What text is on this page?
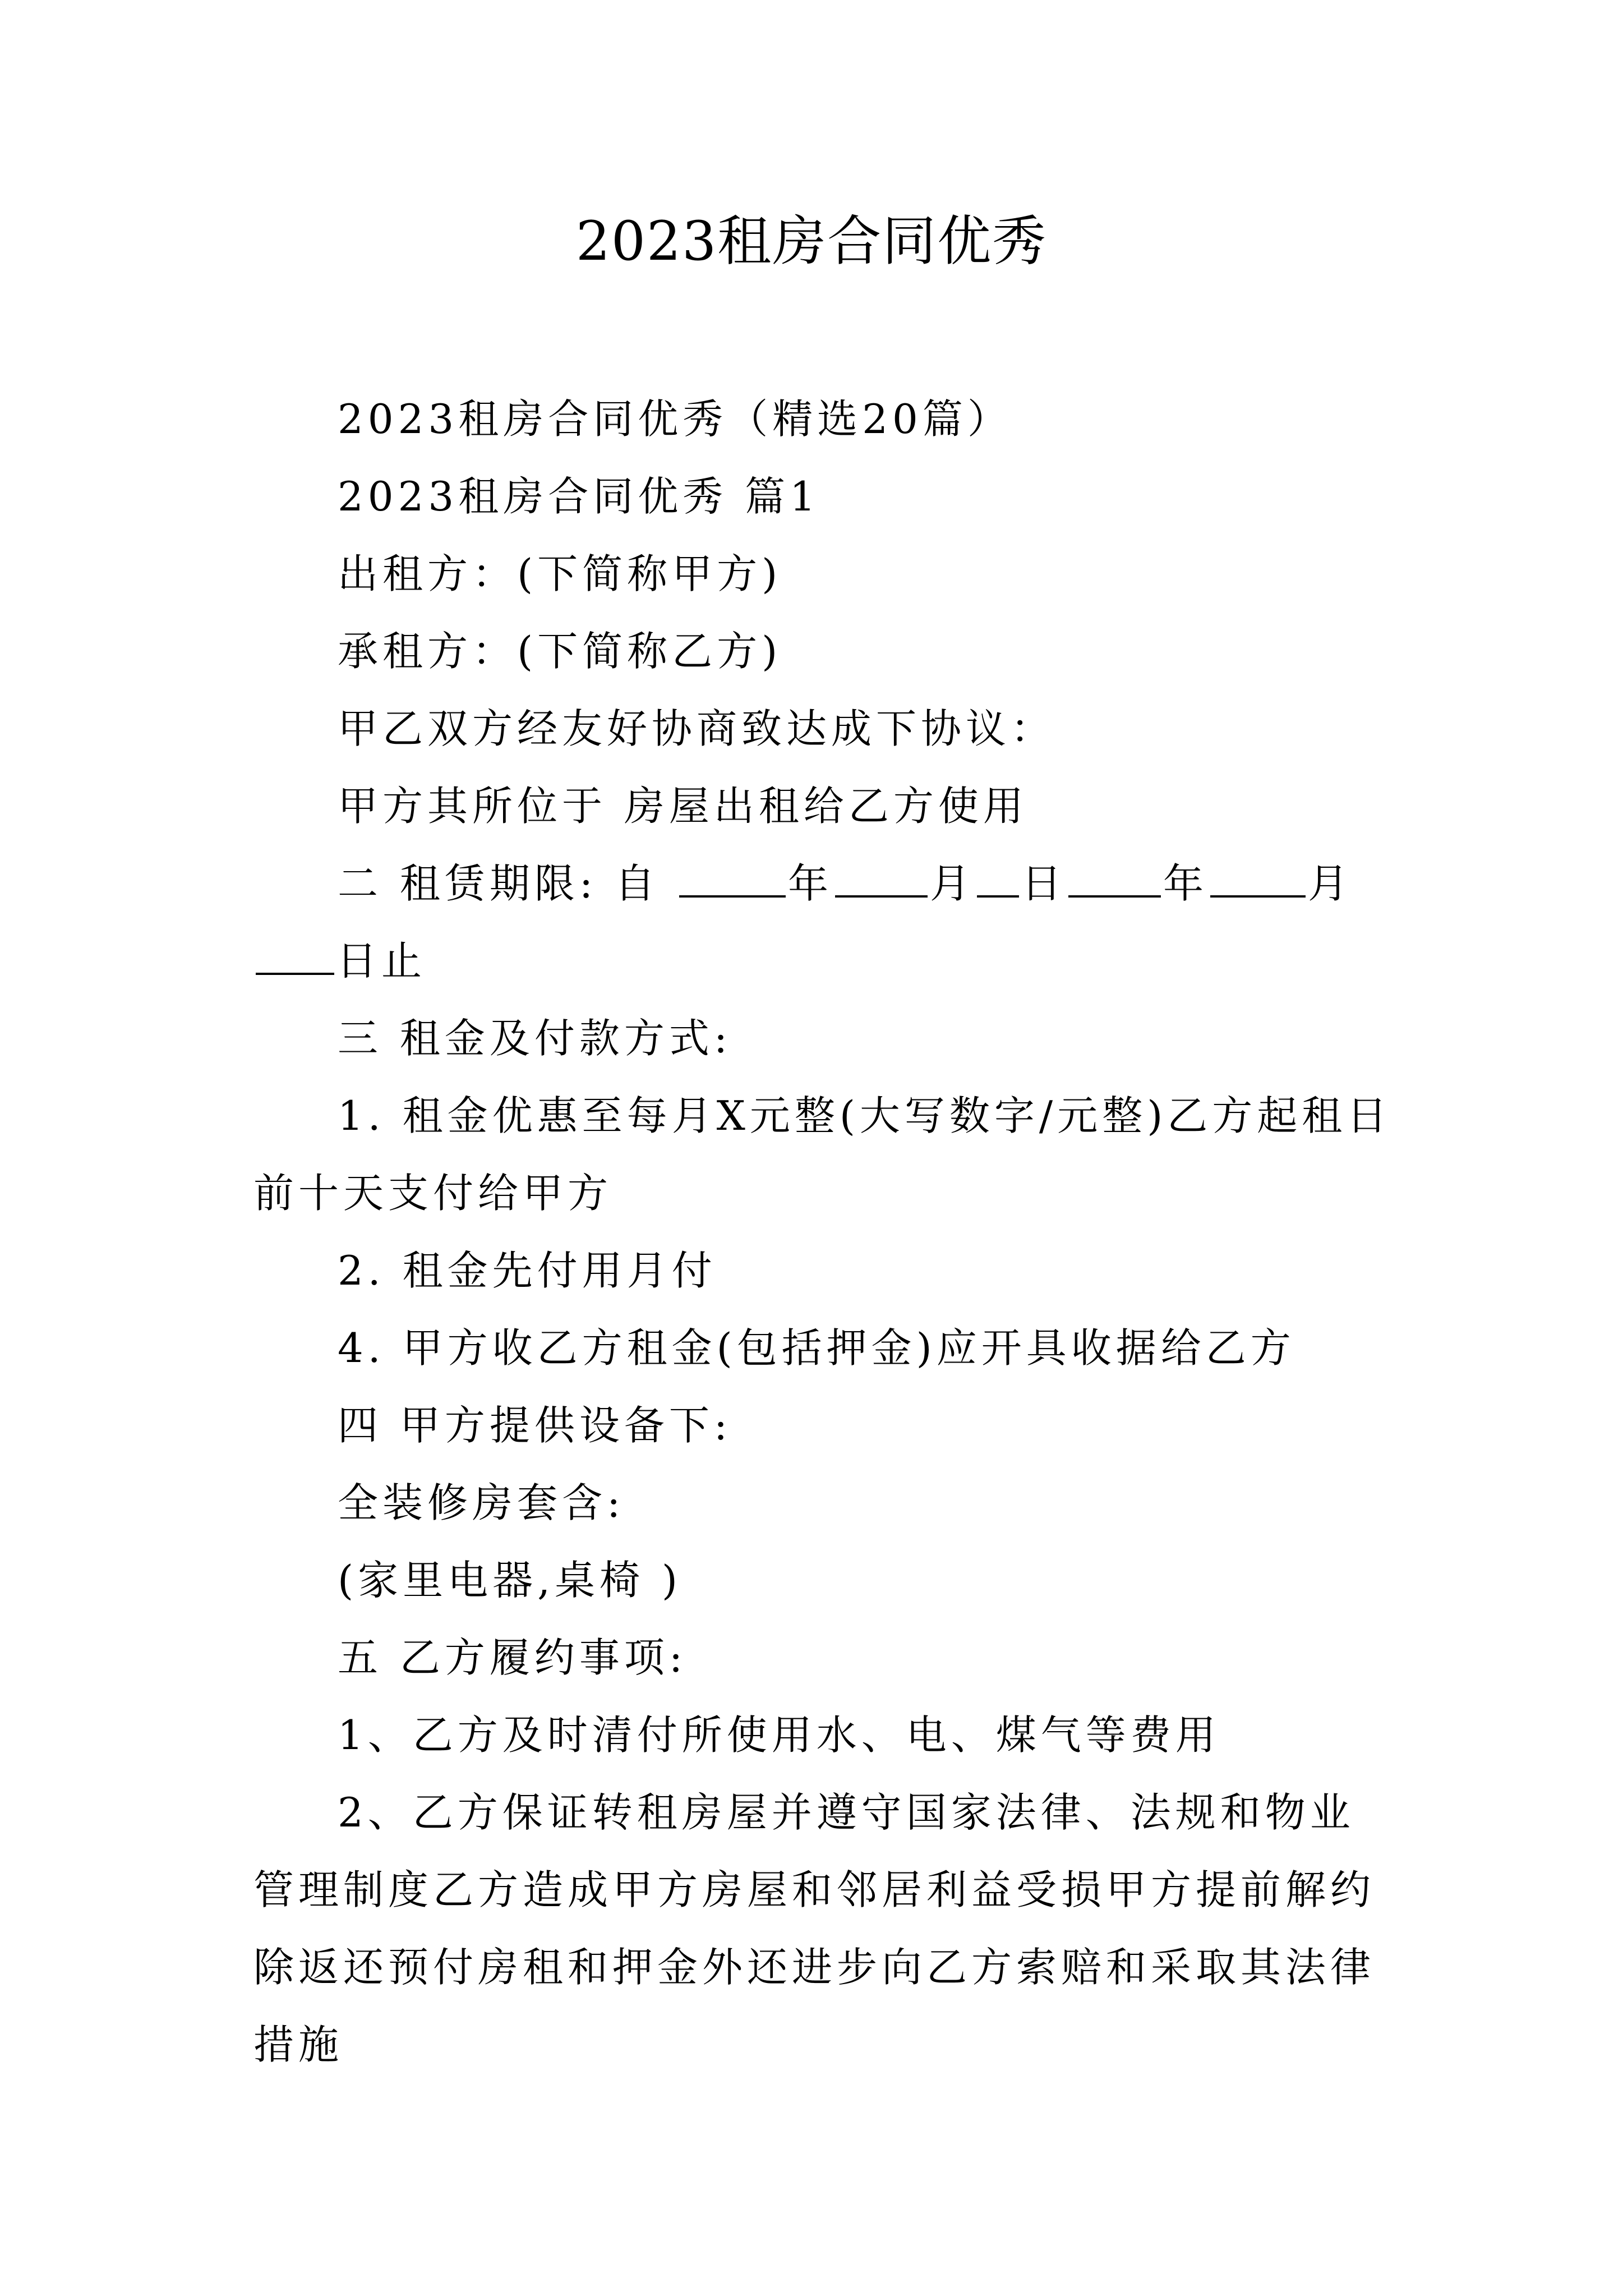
2023租房合同优秀

2023租房合同优秀（精选20篇）

2023租房合同优秀 篇1

出租方：(下简称甲方)

承租方：(下简称乙方)

甲乙双方经友好协商致达成下协议：

甲方其所位于 房屋出租给乙方使用

二 租赁期限: 自	年 月 日 年 月日止

三 租金及付款方式:

1. 租金优惠至每月X元整(大写数字/元整)乙方起租日前十天支付给甲方

2. 租金先付用月付

4. 甲方收乙方租金(包括押金)应开具收据给乙方

四 甲方提供设备下:

全装修房套含:

(家里电器,桌椅 )

五 乙方履约事项:

1、乙方及时清付所使用水、电、煤气等费用

2、乙方保证转租房屋并遵守国家法律、法规和物业管理制度乙方造成甲方房屋和邻居利益受损甲方提前解约除返还预付房租和押金外还进步向乙方索赔和采取其法律措施
